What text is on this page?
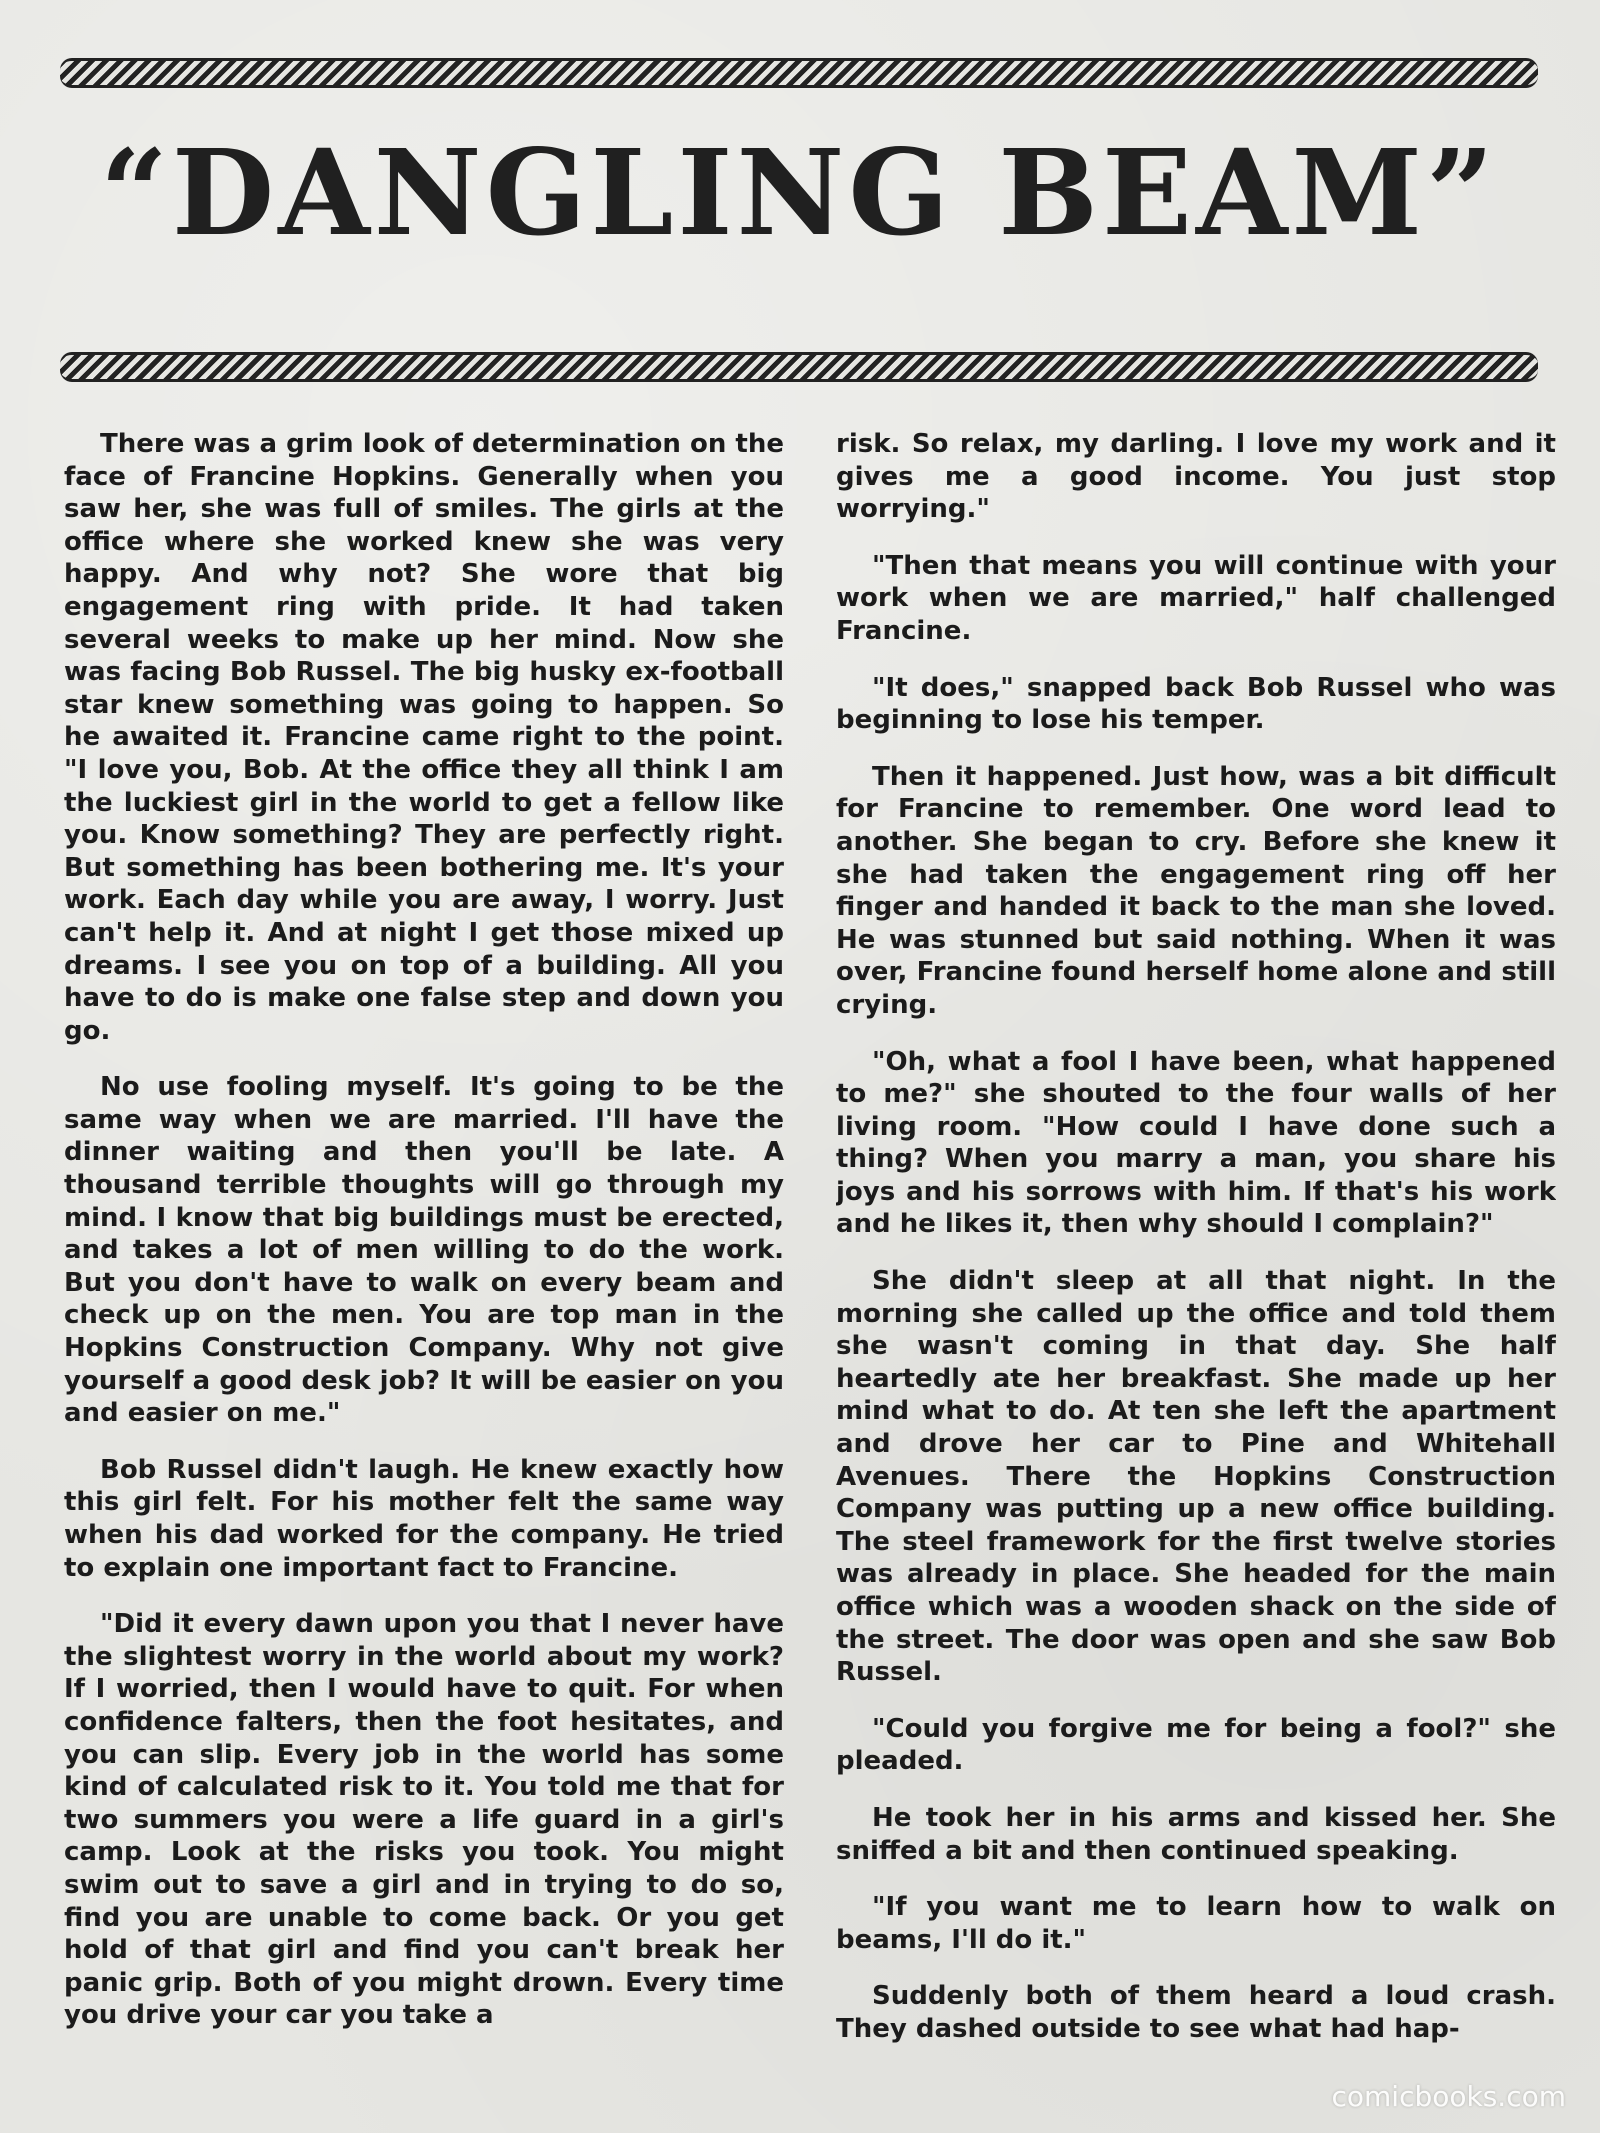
“DANGLING BEAM”

There was a grim look of determination on the face of Francine Hopkins. Generally when you saw her, she was full of smiles. The girls at the office where she worked knew she was very happy. And why not? She wore that big engagement ring with pride. It had taken several weeks to make up her mind. Now she was facing Bob Russel. The big husky ex-football star knew something was going to happen. So he awaited it. Francine came right to the point. "I love you, Bob. At the office they all think I am the luckiest girl in the world to get a fellow like you. Know something? They are perfectly right. But something has been bothering me. It's your work. Each day while you are away, I worry. Just can't help it. And at night I get those mixed up dreams. I see you on top of a building. All you have to do is make one false step and down you go.

No use fooling myself. It's going to be the same way when we are married. I'll have the dinner waiting and then you'll be late. A thousand terrible thoughts will go through my mind. I know that big buildings must be erected, and takes a lot of men willing to do the work. But you don't have to walk on every beam and check up on the men. You are top man in the Hopkins Construction Company. Why not give yourself a good desk job? It will be easier on you and easier on me."

Bob Russel didn't laugh. He knew exactly how this girl felt. For his mother felt the same way when his dad worked for the company. He tried to explain one important fact to Francine.

"Did it every dawn upon you that I never have the slightest worry in the world about my work? If I worried, then I would have to quit. For when confidence falters, then the foot hesitates, and you can slip. Every job in the world has some kind of calculated risk to it. You told me that for two summers you were a life guard in a girl's camp. Look at the risks you took. You might swim out to save a girl and in trying to do so, find you are unable to come back. Or you get hold of that girl and find you can't break her panic grip. Both of you might drown. Every time you drive your car you take a

risk. So relax, my darling. I love my work and it gives me a good income. You just stop worrying."

"Then that means you will continue with your work when we are married," half challenged Francine.

"It does," snapped back Bob Russel who was beginning to lose his temper.

Then it happened. Just how, was a bit difficult for Francine to remember. One word lead to another. She began to cry. Before she knew it she had taken the engagement ring off her finger and handed it back to the man she loved. He was stunned but said nothing. When it was over, Francine found herself home alone and still crying.

"Oh, what a fool I have been, what happened to me?" she shouted to the four walls of her living room. "How could I have done such a thing? When you marry a man, you share his joys and his sorrows with him. If that's his work and he likes it, then why should I complain?"

She didn't sleep at all that night. In the morning she called up the office and told them she wasn't coming in that day. She half heartedly ate her breakfast. She made up her mind what to do. At ten she left the apartment and drove her car to Pine and Whitehall Avenues. There the Hopkins Construction Company was putting up a new office building. The steel framework for the first twelve stories was already in place. She headed for the main office which was a wooden shack on the side of the street. The door was open and she saw Bob Russel.

"Could you forgive me for being a fool?" she pleaded.

He took her in his arms and kissed her. She sniffed a bit and then continued speaking.

"If you want me to learn how to walk on beams, I'll do it."

Suddenly both of them heard a loud crash. They dashed outside to see what had hap-

comicbooks.com
